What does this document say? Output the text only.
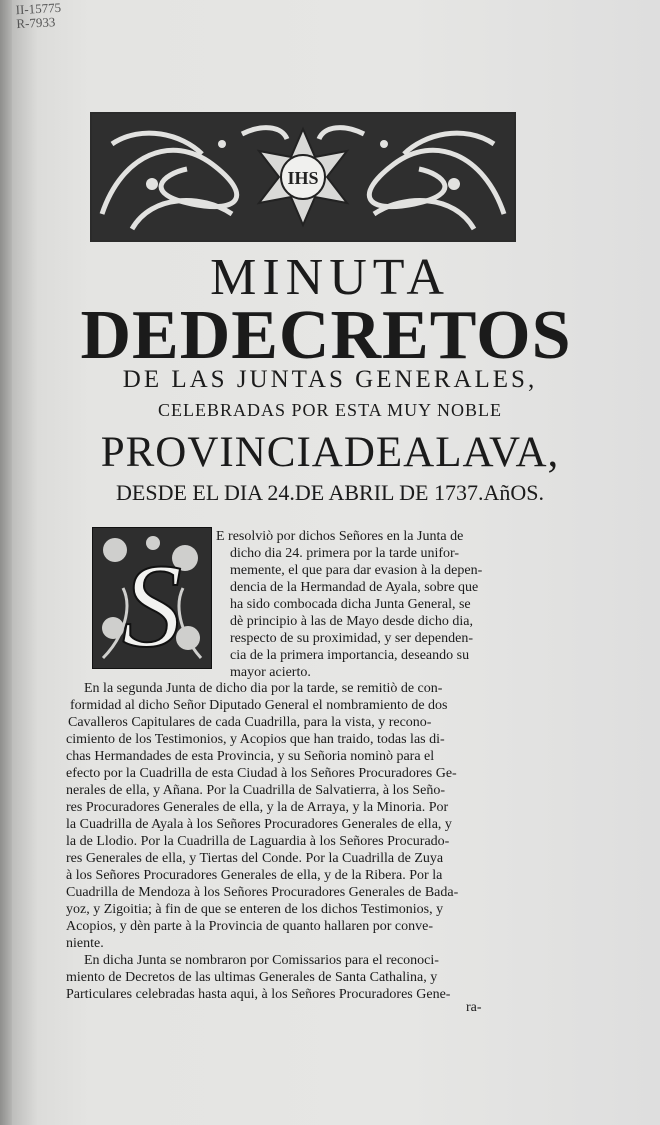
II-15775
R-7933
IHS
MINUTA
DEDECRETOS
DE LAS JUNTAS GENERALES,
CELEBRADAS POR ESTA MUY NOBLE
PROVINCIADEALAVA,
DESDE EL DIA 24.DE ABRIL DE 1737.AñOS.
S
E resolviò por dichos Señores en la Junta de
dicho dia 24. primera por la tarde unifor-
memente, el que para dar evasion à la depen-
dencia de la Hermandad de Ayala, sobre que
ha sido combocada dicha Junta General, se
dè principio à las de Mayo desde dicho dia,
respecto de su proximidad, y ser dependen-
cia de la primera importancia, deseando su
mayor acierto.
En la segunda Junta de dicho dia por la tarde, se remitiò de con-
formidad al dicho Señor Diputado General el nombramiento de dos
Cavalleros Capitulares de cada Cuadrilla, para la vista, y recono-
cimiento de los Testimonios, y Acopios que han traido, todas las di-
chas Hermandades de esta Provincia, y su Señoria nominò para el
efecto por la Cuadrilla de esta Ciudad à los Señores Procuradores Ge-
nerales de ella, y Añana. Por la Cuadrilla de Salvatierra, à los Seño-
res Procuradores Generales de ella, y la de Arraya, y la Minoria. Por
la Cuadrilla de Ayala à los Señores Procuradores Generales de ella, y
la de Llodio. Por la Cuadrilla de Laguardia à los Señores Procurado-
res Generales de ella, y Tiertas del Conde. Por la Cuadrilla de Zuya
à los Señores Procuradores Generales de ella, y de la Ribera. Por la
Cuadrilla de Mendoza à los Señores Procuradores Generales de Bada-
yoz, y Zigoitia; à fin de que se enteren de los dichos Testimonios, y
Acopios, y dèn parte à la Provincia de quanto hallaren por conve-
niente.
En dicha Junta se nombraron por Comissarios para el reconoci-
miento de Decretos de las ultimas Generales de Santa Cathalina, y
Particulares celebradas hasta aqui, à los Señores Procuradores Gene-
ra-
